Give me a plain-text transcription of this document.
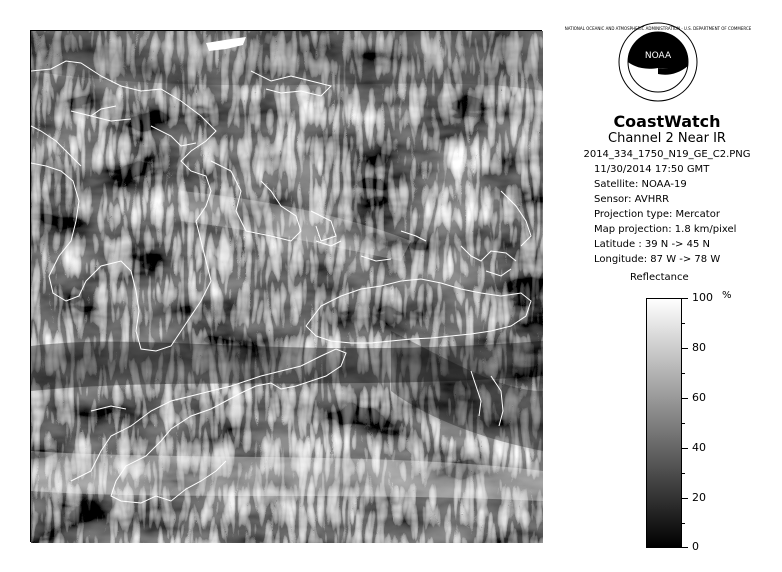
NOAA
NATIONAL OCEANIC AND ATMOSPHERIC ADMINISTRATION · U.S. DEPARTMENT OF COMMERCE
CoastWatch
Channel 2 Near IR
2014_334_1750_N19_GE_C2.PNG
11/30/2014 17:50 GMT
Satellite: NOAA-19
Sensor: AVHRR
Projection type: Mercator
Map projection: 1.8 km/pixel
Latitude : 39 N -> 45 N
Longitude: 87 W -> 78 W
Reflectance
%
100
80
60
40
20
0
